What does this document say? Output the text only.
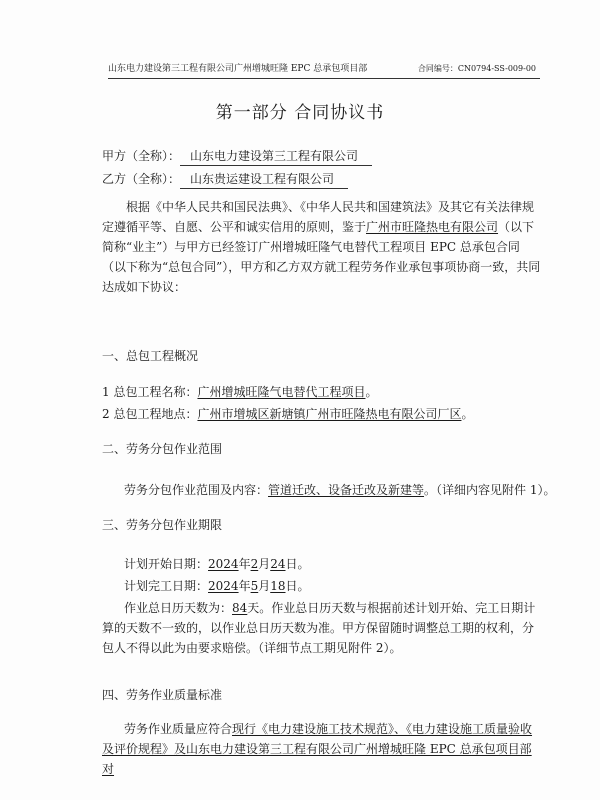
山东电力建设第三工程有限公司广州增城旺隆 EPC 总承包项目部	合同编号：CN0794-SS-009-00
第一部分 合同协议书
甲方（全称）： 山东电力建设第三工程有限公司
乙方（全称）： 山东贵运建设工程有限公司
根据《中华人民共和国民法典》、《中华人民共和国建筑法》及其它有关法律规定遵循平等、自愿、公平和诚实信用的原则，鉴于广州市旺隆热电有限公司（以下简称“业主”）与甲方已经签订广州增城旺隆气电替代工程项目 EPC 总承包合同（以下称为“总包合同”），甲方和乙方双方就工程劳务作业承包事项协商一致，共同达成如下协议：
一、总包工程概况
1 总包工程名称：广州增城旺隆气电替代工程项目。
2 总包工程地点：广州市增城区新塘镇广州市旺隆热电有限公司厂区。
二、劳务分包作业范围
劳务分包作业范围及内容：管道迁改、设备迁改及新建等。（详细内容见附件 1）。
三、劳务分包作业期限
计划开始日期：2024年2月24日。
计划完工日期：2024年5月18日。
作业总日历天数为：84天。作业总日历天数与根据前述计划开始、完工日期计算的天数不一致的，以作业总日历天数为准。甲方保留随时调整总工期的权利，分包人不得以此为由要求赔偿。（详细节点工期见附件 2）。
四、劳务作业质量标准
劳务作业质量应符合现行《电力建设施工技术规范》、《电力建设施工质量验收及评价规程》及山东电力建设第三工程有限公司广州增城旺隆 EPC 总承包项目部对
